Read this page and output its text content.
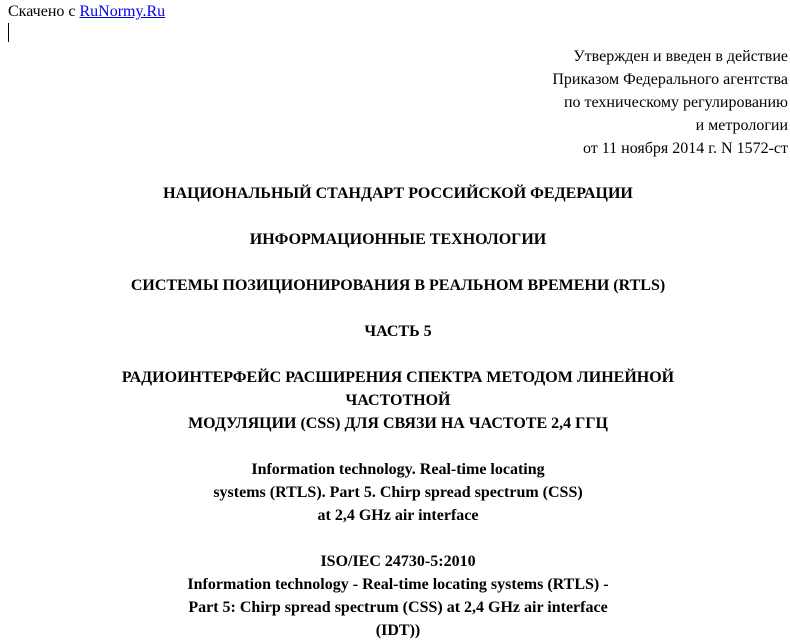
Скачено с RuNormy.Ru
Утвержден и введен в действие
Приказом Федерального агентства
по техническому регулированию
и метрологии
от 11 ноября 2014 г. N 1572-ст
НАЦИОНАЛЬНЫЙ СТАНДАРТ РОССИЙСКОЙ ФЕДЕРАЦИИ
ИНФОРМАЦИОННЫЕ ТЕХНОЛОГИИ
СИСТЕМЫ ПОЗИЦИОНИРОВАНИЯ В РЕАЛЬНОМ ВРЕМЕНИ (RTLS)
ЧАСТЬ 5
РАДИОИНТЕРФЕЙС РАСШИРЕНИЯ СПЕКТРА МЕТОДОМ ЛИНЕЙНОЙ
ЧАСТОТНОЙ
МОДУЛЯЦИИ (CSS) ДЛЯ СВЯЗИ НА ЧАСТОТЕ 2,4 ГГЦ
Information technology. Real-time locating
systems (RTLS). Part 5. Chirp spread spectrum (CSS)
at 2,4 GHz air interface
ISO/IEC 24730-5:2010
Information technology - Real-time locating systems (RTLS) -
Part 5: Chirp spread spectrum (CSS) at 2,4 GHz air interface
(IDT))
